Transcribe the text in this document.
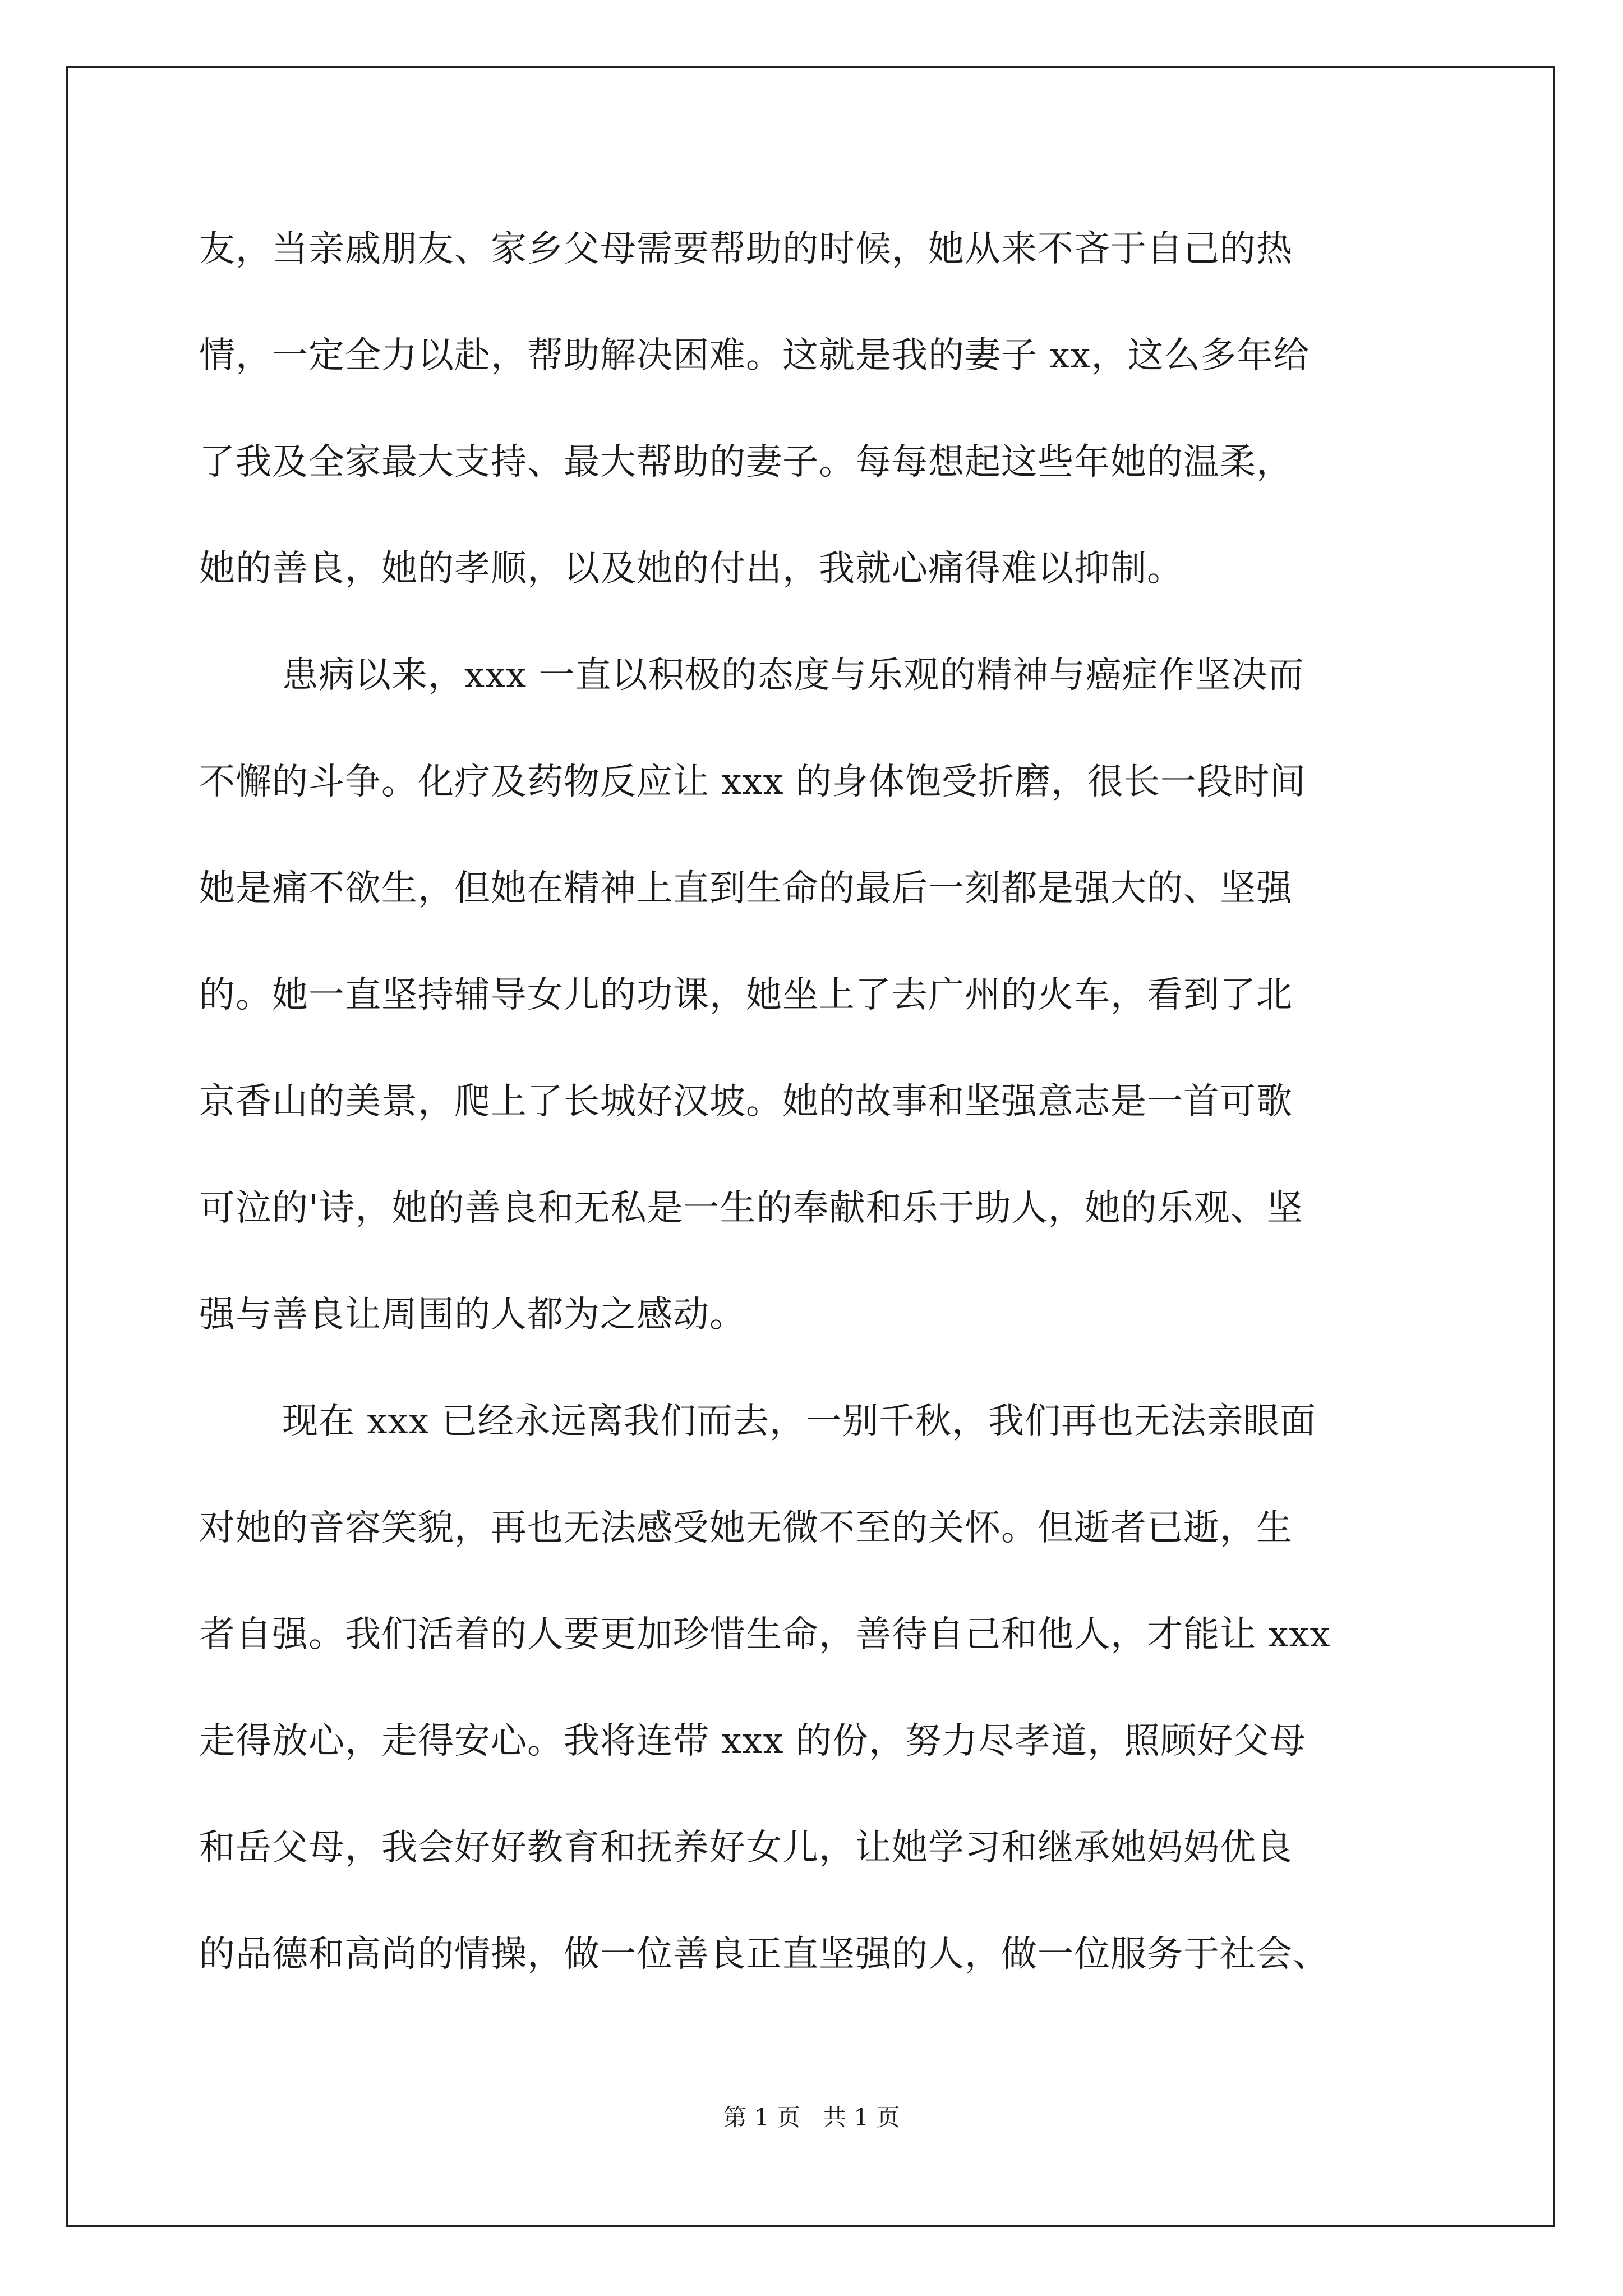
友，当亲戚朋友、家乡父母需要帮助的时候，她从来不吝于自己的热
情，一定全力以赴，帮助解决困难。这就是我的妻子 xx，这么多年给
了我及全家最大支持、最大帮助的妻子。每每想起这些年她的温柔，
她的善良，她的孝顺，以及她的付出，我就心痛得难以抑制。
患病以来，xxx 一直以积极的态度与乐观的精神与癌症作坚决而
不懈的斗争。化疗及药物反应让 xxx 的身体饱受折磨，很长一段时间
她是痛不欲生，但她在精神上直到生命的最后一刻都是强大的、坚强
的。她一直坚持辅导女儿的功课，她坐上了去广州的火车，看到了北
京香山的美景，爬上了长城好汉坡。她的故事和坚强意志是一首可歌
可泣的'诗，她的善良和无私是一生的奉献和乐于助人，她的乐观、坚
强与善良让周围的人都为之感动。
现在 xxx 已经永远离我们而去，一别千秋，我们再也无法亲眼面
对她的音容笑貌，再也无法感受她无微不至的关怀。但逝者已逝，生
者自强。我们活着的人要更加珍惜生命，善待自己和他人，才能让 xxx
走得放心，走得安心。我将连带 xxx 的份，努力尽孝道，照顾好父母
和岳父母，我会好好教育和抚养好女儿，让她学习和继承她妈妈优良
的品德和高尚的情操，做一位善良正直坚强的人，做一位服务于社会、
第 1 页   共 1 页
